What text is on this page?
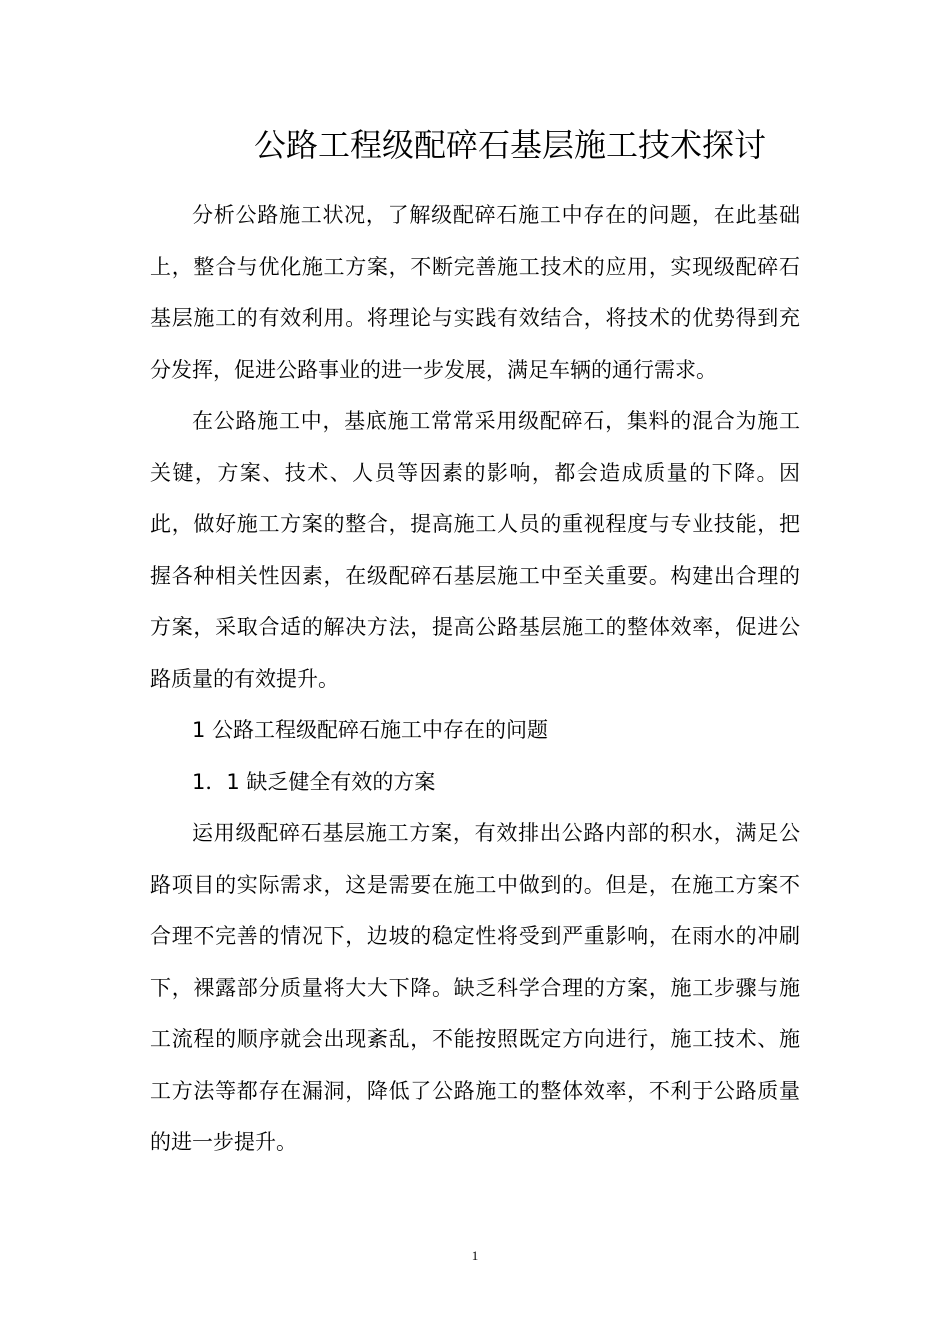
公路工程级配碎石基层施工技术探讨

分析公路施工状况，了解级配碎石施工中存在的问题，在此基础上，整合与优化施工方案，不断完善施工技术的应用，实现级配碎石基层施工的有效利用。将理论与实践有效结合，将技术的优势得到充分发挥，促进公路事业的进一步发展，满足车辆的通行需求。

在公路施工中，基底施工常常采用级配碎石，集料的混合为施工关键，方案、技术、人员等因素的影响，都会造成质量的下降。因此，做好施工方案的整合，提高施工人员的重视程度与专业技能，把握各种相关性因素，在级配碎石基层施工中至关重要。构建出合理的方案，采取合适的解决方法，提高公路基层施工的整体效率，促进公路质量的有效提升。

1 公路工程级配碎石施工中存在的问题

1．1 缺乏健全有效的方案

运用级配碎石基层施工方案，有效排出公路内部的积水，满足公路项目的实际需求，这是需要在施工中做到的。但是，在施工方案不合理不完善的情况下，边坡的稳定性将受到严重影响，在雨水的冲刷下，裸露部分质量将大大下降。缺乏科学合理的方案，施工步骤与施工流程的顺序就会出现紊乱，不能按照既定方向进行，施工技术、施工方法等都存在漏洞，降低了公路施工的整体效率，不利于公路质量的进一步提升。

1
